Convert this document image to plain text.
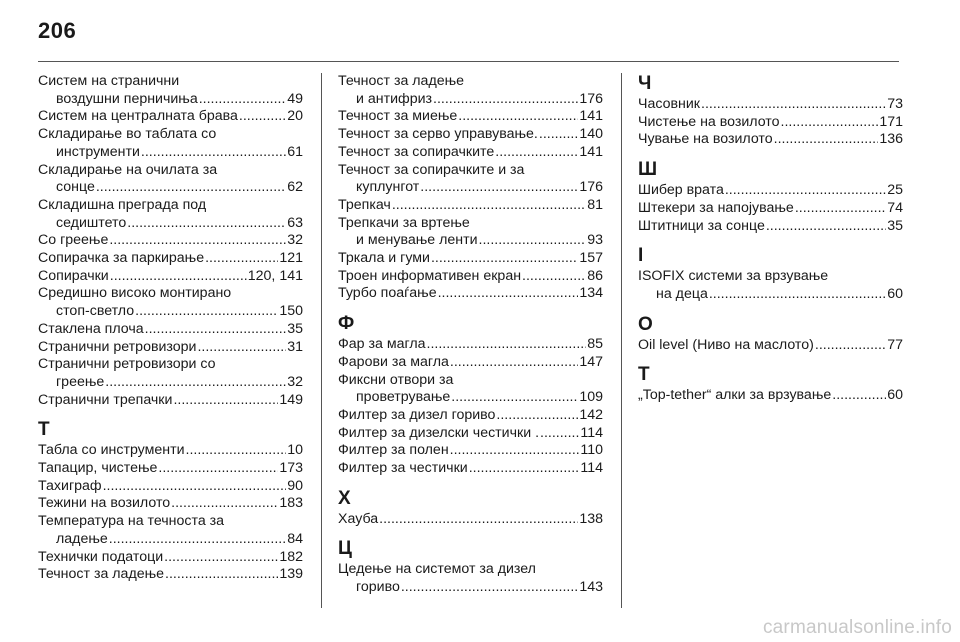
206
Систем на странични
воздушни перничиња .....	49
Систем на централната брава .....	20
Складирање во таблата со
инструменти .....	61
Складирање на очилата за
сонце .....	62
Складишна преграда под
седиштето .....	63
Со греење .....	32
Сопирачка за паркирање .....	121
Сопирачки .....	120, 141
Средишно високо монтирано
стоп-светло .....	150
Стаклена плоча .....	35
Странични ретровизори .....	31
Странични ретровизори со
греење .....	32
Странични трепачки .....	149
Т
Табла со инструменти .....	10
Тапацир, чистење .....	173
Тахиграф .....	90
Тежини на возилото .....	183
Температура на течноста за
ладење .....	84
Технички податоци .....	182
Течност за ладење .....	139
Течност за ладење
и антифриз .....	176
Течност за миење .....	141
Течност за серво управување. .....	140
Течност за сопирачките .....	141
Течност за сопирачките и за
куплунгот .....	176
Трепкач .....	81
Трепкачи за вртење
и менување ленти .....	93
Тркала и гуми .....	157
Троен информативен екран .....	86
Турбо поаѓање .....	134
Ф
Фар за магла .....	85
Фарови за магла .....	147
Фиксни отвори за
проветрување .....	109
Филтер за дизел гориво .....	142
Филтер за дизелски честички . .....	114
Филтер за полен .....	110
Филтер за честички .....	114
Х
Хауба .....	138
Ц
Цедење на системот за дизел
гориво .....	143
Ч
Часовник .....	73
Чистење на возилото .....	171
Чување на возилото .....	136
Ш
Шибер врата .....	25
Штекери за напојување .....	74
Штитници за сонце .....	35
I
ISOFIX системи за врзување
на деца .....	60
O
Oil level (Ниво на маслото) .....	77
T
„Top-tether“ алки за врзување .....	60
carmanualsonline.info
